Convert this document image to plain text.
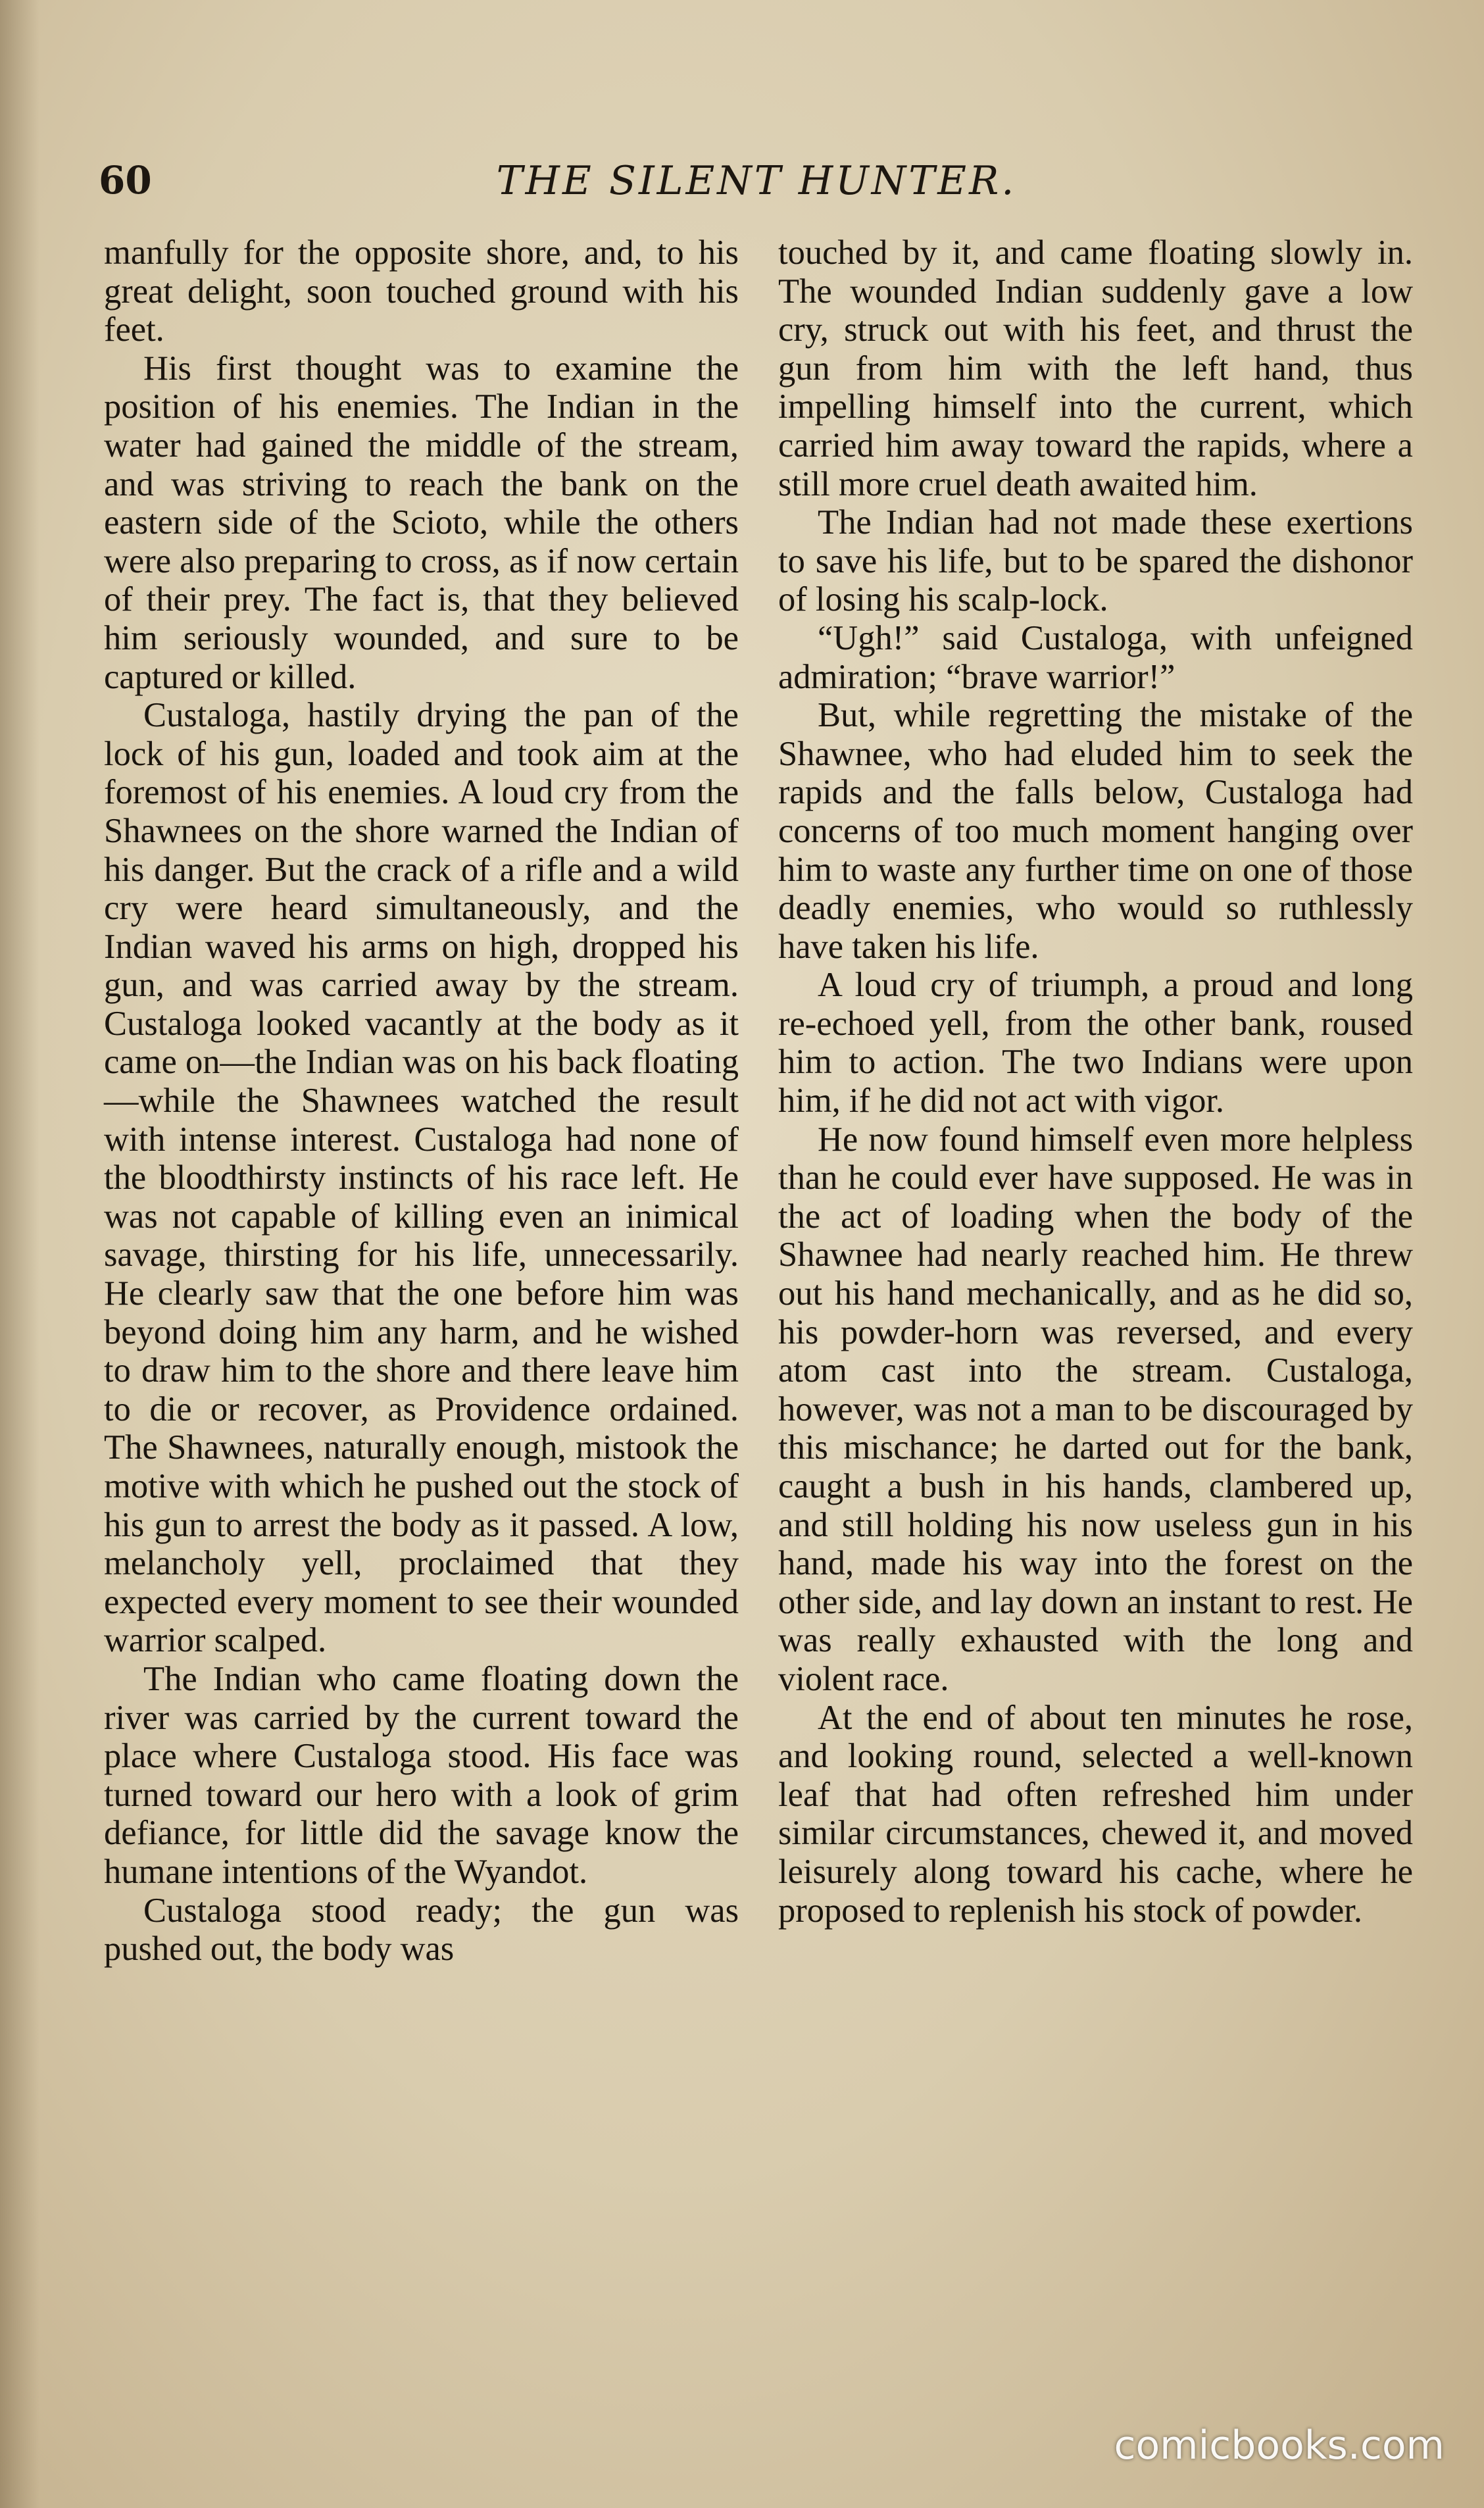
60	THE SILENT HUNTER.

manfully for the opposite shore, and, to his great delight, soon touched ground with his feet.

His first thought was to examine the position of his enemies. The Indian in the water had gained the middle of the stream, and was striving to reach the bank on the eastern side of the Scioto, while the others were also preparing to cross, as if now certain of their prey. The fact is, that they believed him seriously wounded, and sure to be captured or killed.

Custaloga, hastily drying the pan of the lock of his gun, loaded and took aim at the foremost of his enemies. A loud cry from the Shawnees on the shore warned the Indian of his danger. But the crack of a rifle and a wild cry were heard simultaneously, and the Indian waved his arms on high, dropped his gun, and was carried away by the stream. Custaloga looked vacantly at the body as it came on—the Indian was on his back floating—while the Shawnees watched the result with intense interest. Custaloga had none of the bloodthirsty instincts of his race left. He was not capable of killing even an inimical savage, thirsting for his life, unnecessarily. He clearly saw that the one before him was beyond doing him any harm, and he wished to draw him to the shore and there leave him to die or recover, as Providence ordained. The Shawnees, naturally enough, mistook the motive with which he pushed out the stock of his gun to arrest the body as it passed. A low, melancholy yell, proclaimed that they expected every moment to see their wounded warrior scalped.

The Indian who came floating down the river was carried by the current toward the place where Custaloga stood. His face was turned toward our hero with a look of grim defiance, for little did the savage know the humane intentions of the Wyandot.

Custaloga stood ready; the gun was pushed out, the body was

touched by it, and came floating slowly in. The wounded Indian suddenly gave a low cry, struck out with his feet, and thrust the gun from him with the left hand, thus impelling himself into the current, which carried him away toward the rapids, where a still more cruel death awaited him.

The Indian had not made these exertions to save his life, but to be spared the dishonor of losing his scalp-lock.

“Ugh!” said Custaloga, with unfeigned admiration; “brave warrior!”

But, while regretting the mistake of the Shawnee, who had eluded him to seek the rapids and the falls below, Custaloga had concerns of too much moment hanging over him to waste any further time on one of those deadly enemies, who would so ruthlessly have taken his life.

A loud cry of triumph, a proud and long re-echoed yell, from the other bank, roused him to action. The two Indians were upon him, if he did not act with vigor.

He now found himself even more helpless than he could ever have supposed. He was in the act of loading when the body of the Shawnee had nearly reached him. He threw out his hand mechanically, and as he did so, his powder-horn was reversed, and every atom cast into the stream. Custaloga, however, was not a man to be discouraged by this mischance; he darted out for the bank, caught a bush in his hands, clambered up, and still holding his now useless gun in his hand, made his way into the forest on the other side, and lay down an instant to rest. He was really exhausted with the long and violent race.

At the end of about ten minutes he rose, and looking round, selected a well-known leaf that had often refreshed him under similar circumstances, chewed it, and moved leisurely along toward his cache, where he proposed to replenish his stock of powder.

comicbooks.com
